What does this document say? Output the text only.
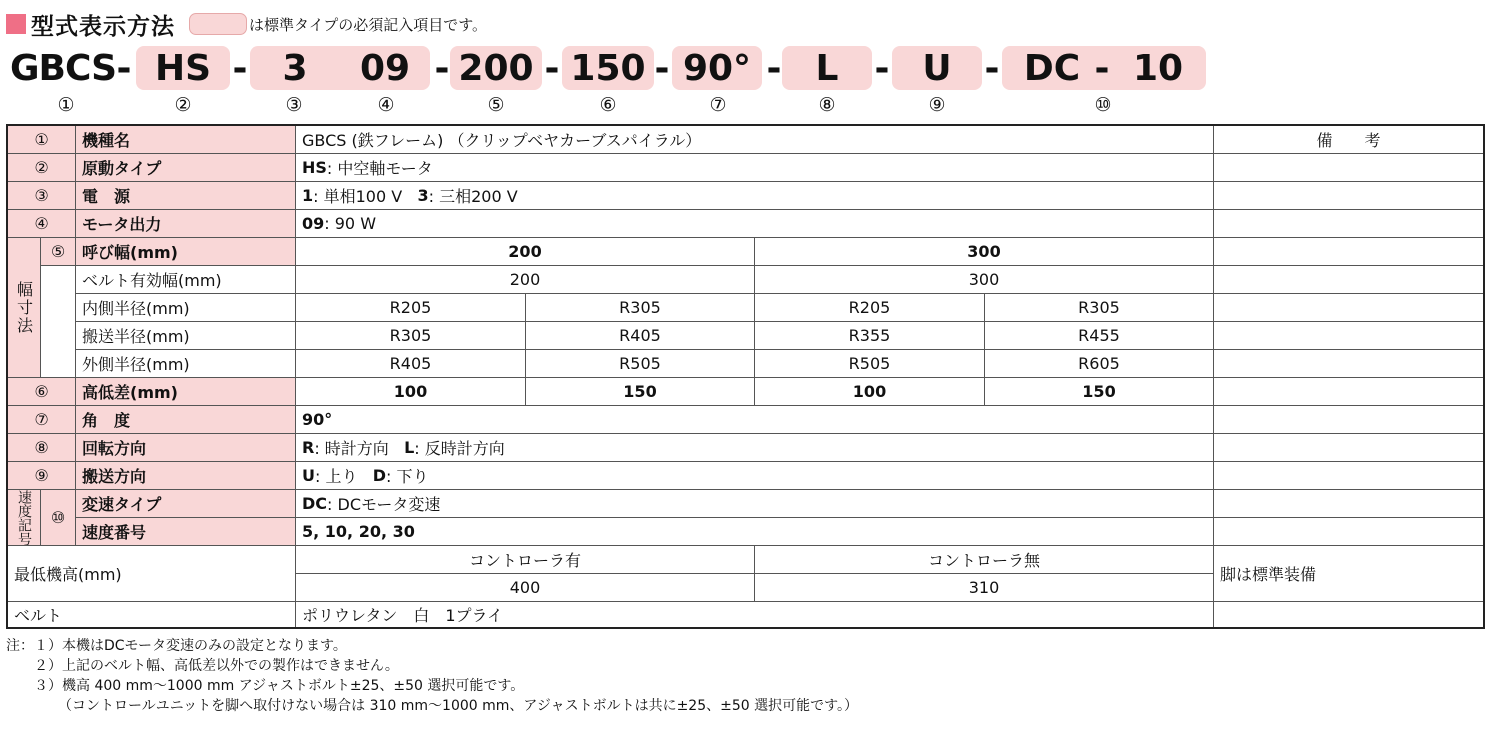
型式表示方法	は標準タイプの必須記入項目です。
GBCS - HS - 3	09 - 200 - 150 - 90° - L	- U - DC - 10
①	②	③	④	⑤	⑥	⑦	⑧	⑨	⑩
①	機種名	GBCS (鉄フレーム) （クリップベヤカーブスパイラル）	備　　考
②	原動タイプ	HS : 中空軸モータ
③	電　源	1 : 単相100 V
3 : 三相200 V
④	モータ出力	09 : 90 W
幅寸法
⑤	呼び幅(mm)	200	300
ベルト有効幅(mm)	200	300
内側半径(mm)	R205	R305	R205	R305
搬送半径(mm)	R305	R405	R355	R455
外側半径(mm)	R405	R505	R505	R605
⑥	高低差(mm)	100	150	100	150
⑦	角　度	90°
⑧	回転方向	R : 時計方向
L : 反時計方向
⑨	搬送方向	U : 上り
D : 下り
速度記号	⑩
変速タイプ	DC : DCモータ変速
速度番号	5, 10, 20, 30
最低機高(mm)
コントローラ有	コントローラ無
400	310
脚は標準装備
ベルト	ポリウレタン　白　1プライ
注：１）本機はDCモータ変速のみの設定となります。
２）上記のベルト幅、高低差以外での製作はできません。
３）機高 400 mm～1000 mm アジャストボルト±25、±50 選択可能です。
（コントロールユニットを脚へ取付けない場合は 310 mm～1000 mm、アジャストボルトは共に±25、±50 選択可能です。）
